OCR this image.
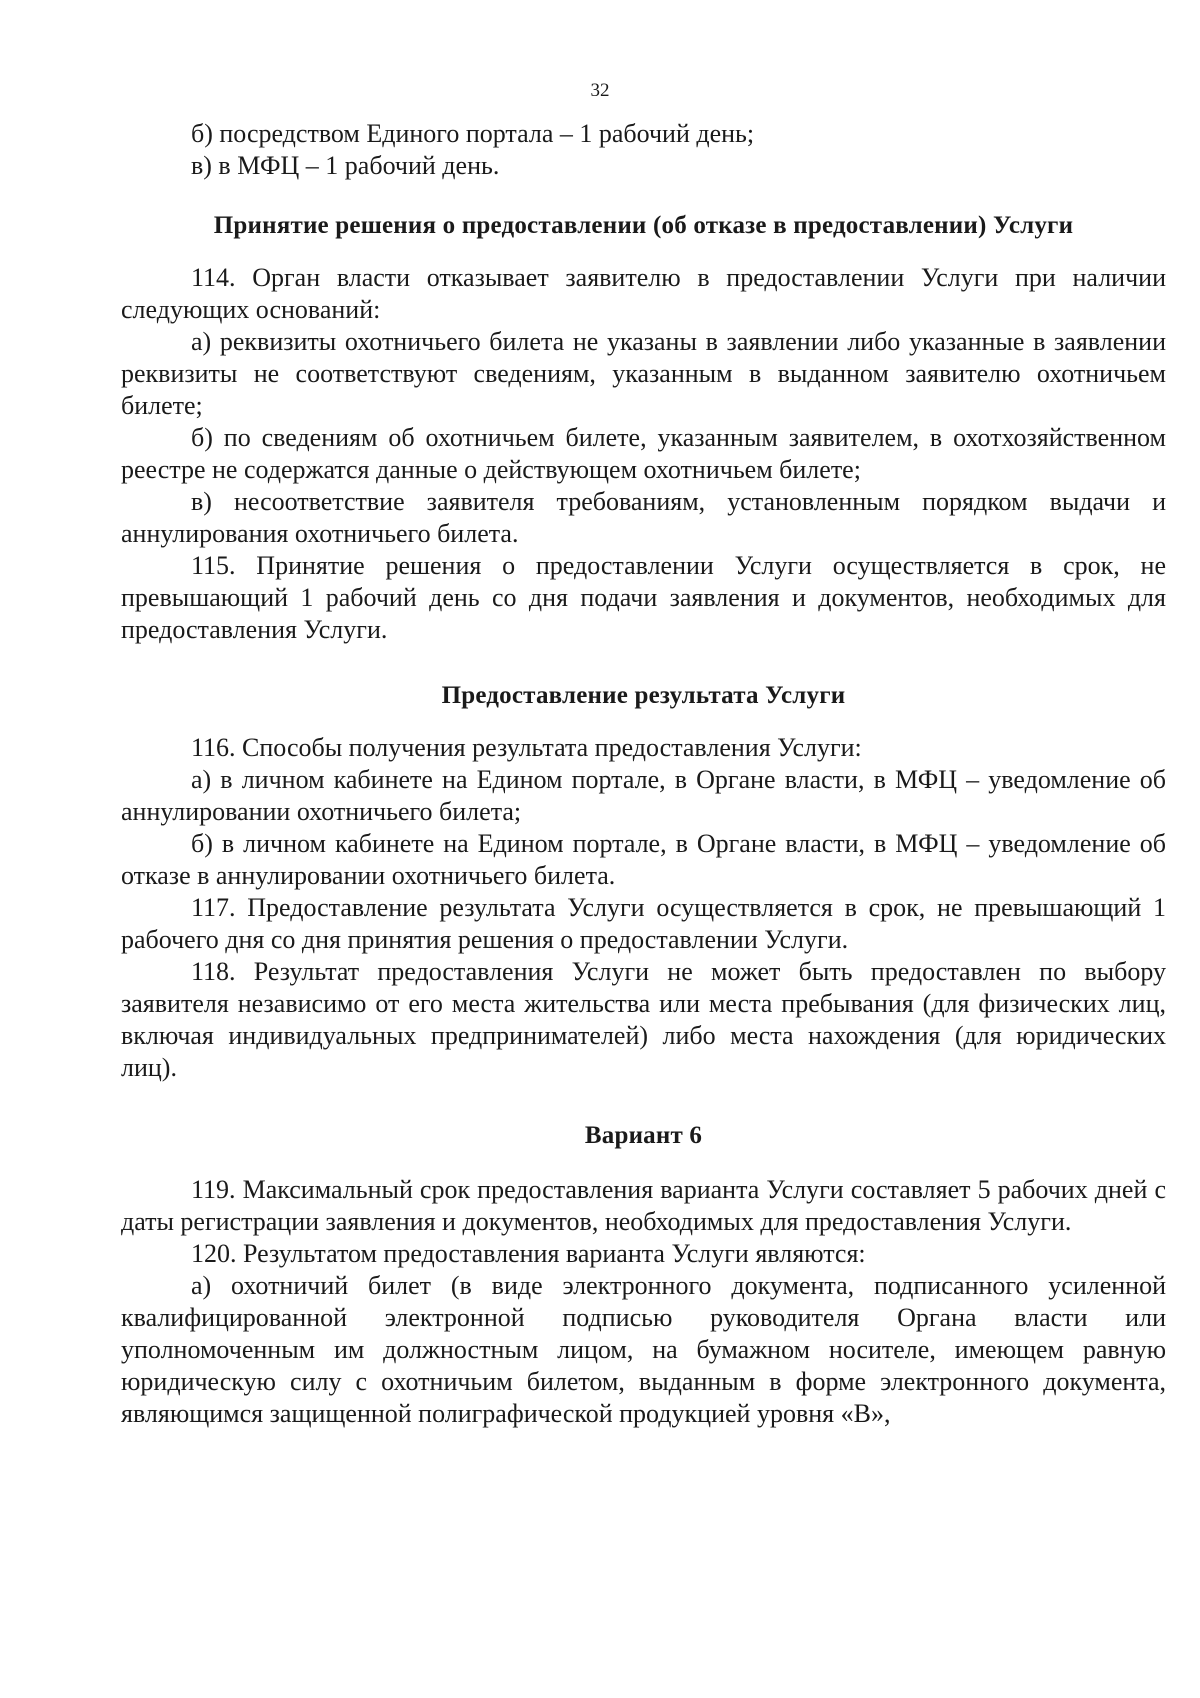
32

б) посредством Единого портала – 1 рабочий день;

в) в МФЦ – 1 рабочий день.

Принятие решения о предоставлении (об отказе в предоставлении) Услуги

114. Орган власти отказывает заявителю в предоставлении Услуги при наличии следующих оснований:

а) реквизиты охотничьего билета не указаны в заявлении либо указанные в заявлении реквизиты не соответствуют сведениям, указанным в выданном заявителю охотничьем билете;

б) по сведениям об охотничьем билете, указанным заявителем, в охотхозяйственном реестре не содержатся данные о действующем охотничьем билете;

в) несоответствие заявителя требованиям, установленным порядком выдачи и аннулирования охотничьего билета.

115. Принятие решения о предоставлении Услуги осуществляется в срок, не превышающий 1 рабочий день со дня подачи заявления и документов, необходимых для предоставления Услуги.

Предоставление результата Услуги

116. Способы получения результата предоставления Услуги:

а) в личном кабинете на Едином портале, в Органе власти, в МФЦ – уведомление об аннулировании охотничьего билета;

б) в личном кабинете на Едином портале, в Органе власти, в МФЦ – уведомление об отказе в аннулировании охотничьего билета.

117. Предоставление результата Услуги осуществляется в срок, не превышающий 1 рабочего дня со дня принятия решения о предоставлении Услуги.

118. Результат предоставления Услуги не может быть предоставлен по выбору заявителя независимо от его места жительства или места пребывания (для физических лиц, включая индивидуальных предпринимателей) либо места нахождения (для юридических лиц).

Вариант 6

119. Максимальный срок предоставления варианта Услуги составляет 5 рабочих дней с даты регистрации заявления и документов, необходимых для предоставления Услуги.

120. Результатом предоставления варианта Услуги являются:

а) охотничий билет (в виде электронного документа, подписанного усиленной квалифицированной электронной подписью руководителя Органа власти или уполномоченным им должностным лицом, на бумажном носителе, имеющем равную юридическую силу с охотничьим билетом, выданным в форме электронного документа, являющимся защищенной полиграфической продукцией уровня «В»,
